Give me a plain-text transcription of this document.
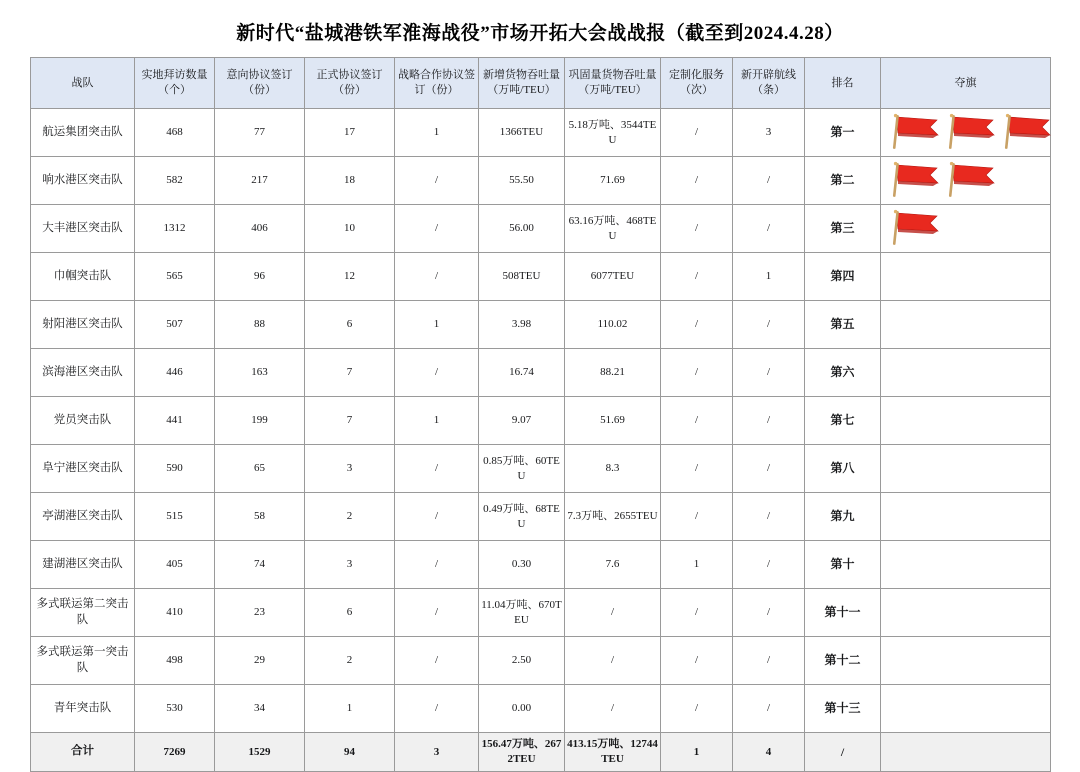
新时代“盐城港铁军淮海战役”市场开拓大会战战报（截至到2024.4.28）
战队	实地拜访数量（个）	意向协议签订（份）	正式协议签订（份）	战略合作协议签订（份）	新增货物吞吐量（万吨/TEU）	巩固量货物吞吐量（万吨/TEU）	定制化服务（次）	新开辟航线（条）	排名	夺旗
航运集团突击队	468	77	17	1	1366TEU	5.18万吨、3544TEU	/	3	第一	

响水港区突击队	582	217	18	/	55.50	71.69	/	/	第二	

大丰港区突击队	1312	406	10	/	56.00	63.16万吨、468TEU	/	/	第三	

巾帼突击队	565	96	12	/	508TEU	6077TEU	/	1	第四	

射阳港区突击队	507	88	6	1	3.98	110.02	/	/	第五	

滨海港区突击队	446	163	7	/	16.74	88.21	/	/	第六	

党员突击队	441	199	7	1	9.07	51.69	/	/	第七	

阜宁港区突击队	590	65	3	/	0.85万吨、60TEU	8.3	/	/	第八	

亭湖港区突击队	515	58	2	/	0.49万吨、68TEU	7.3万吨、2655TEU	/	/	第九	

建湖港区突击队	405	74	3	/	0.30	7.6	1	/	第十	

多式联运第二突击队	410	23	6	/	11.04万吨、670TEU	/	/	/	第十一	

多式联运第一突击队	498	29	2	/	2.50	/	/	/	第十二	

青年突击队	530	34	1	/	0.00	/	/	/	第十三	

合计	7269	1529	94	3	156.47万吨、2672TEU	413.15万吨、12744TEU	1	4	/	
